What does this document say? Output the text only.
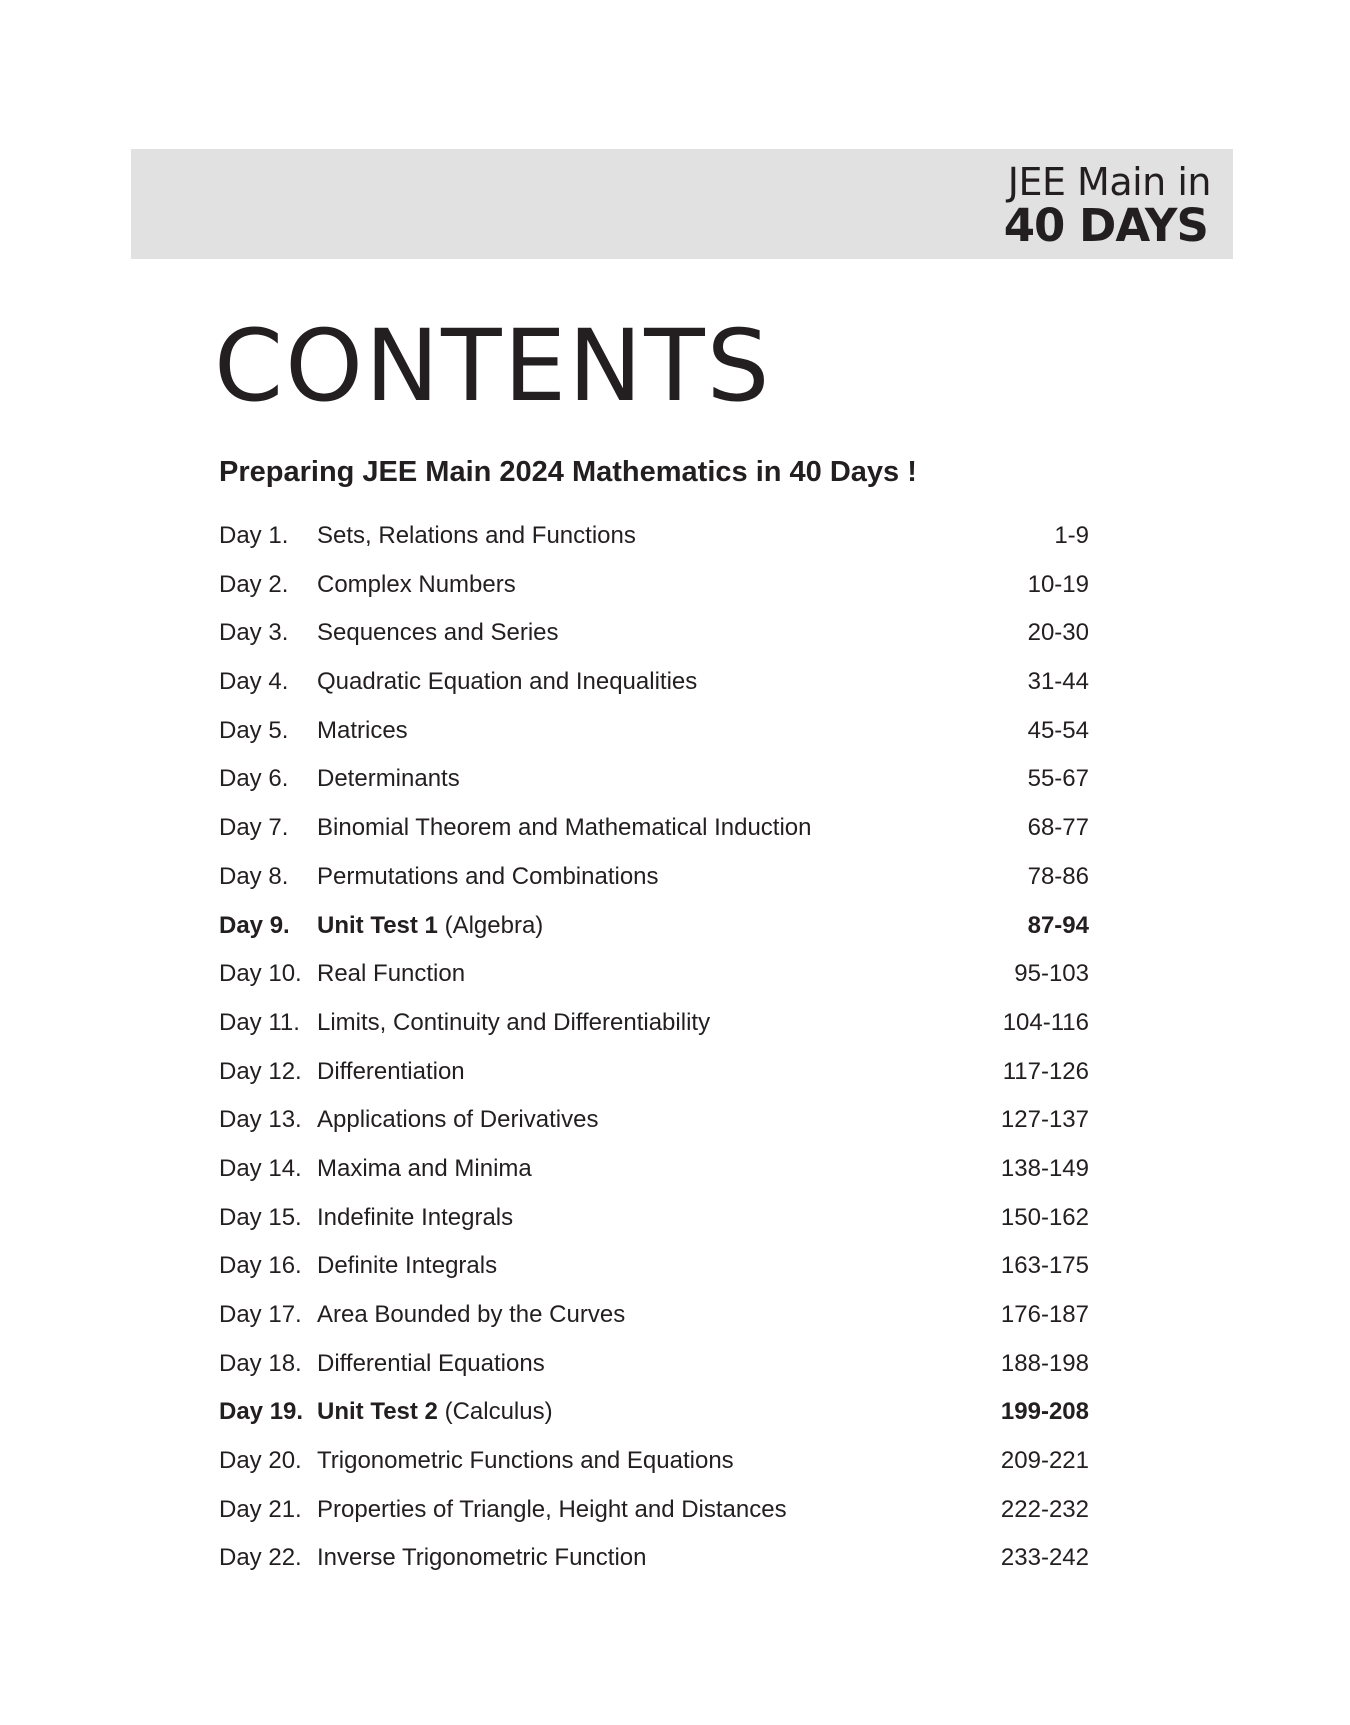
JEE Main in
40 DAYS
CONTENTS
Preparing JEE Main 2024 Mathematics in 40 Days !
Day 1. Sets, Relations and Functions	1-9
Day 2. Complex Numbers	10-19
Day 3. Sequences and Series	20-30
Day 4. Quadratic Equation and Inequalities	31-44
Day 5. Matrices	45-54
Day 6. Determinants	55-67
Day 7. Binomial Theorem and Mathematical Induction	68-77
Day 8. Permutations and Combinations	78-86
Day 9. Unit Test 1 (Algebra)	87-94
Day 10. Real Function	95-103
Day 11. Limits, Continuity and Differentiability	104-116
Day 12. Differentiation	117-126
Day 13. Applications of Derivatives	127-137
Day 14. Maxima and Minima	138-149
Day 15. Indefinite Integrals	150-162
Day 16. Definite Integrals	163-175
Day 17. Area Bounded by the Curves	176-187
Day 18. Differential Equations	188-198
Day 19. Unit Test 2 (Calculus)	199-208
Day 20. Trigonometric Functions and Equations	209-221
Day 21. Properties of Triangle, Height and Distances	222-232
Day 22. Inverse Trigonometric Function	233-242
